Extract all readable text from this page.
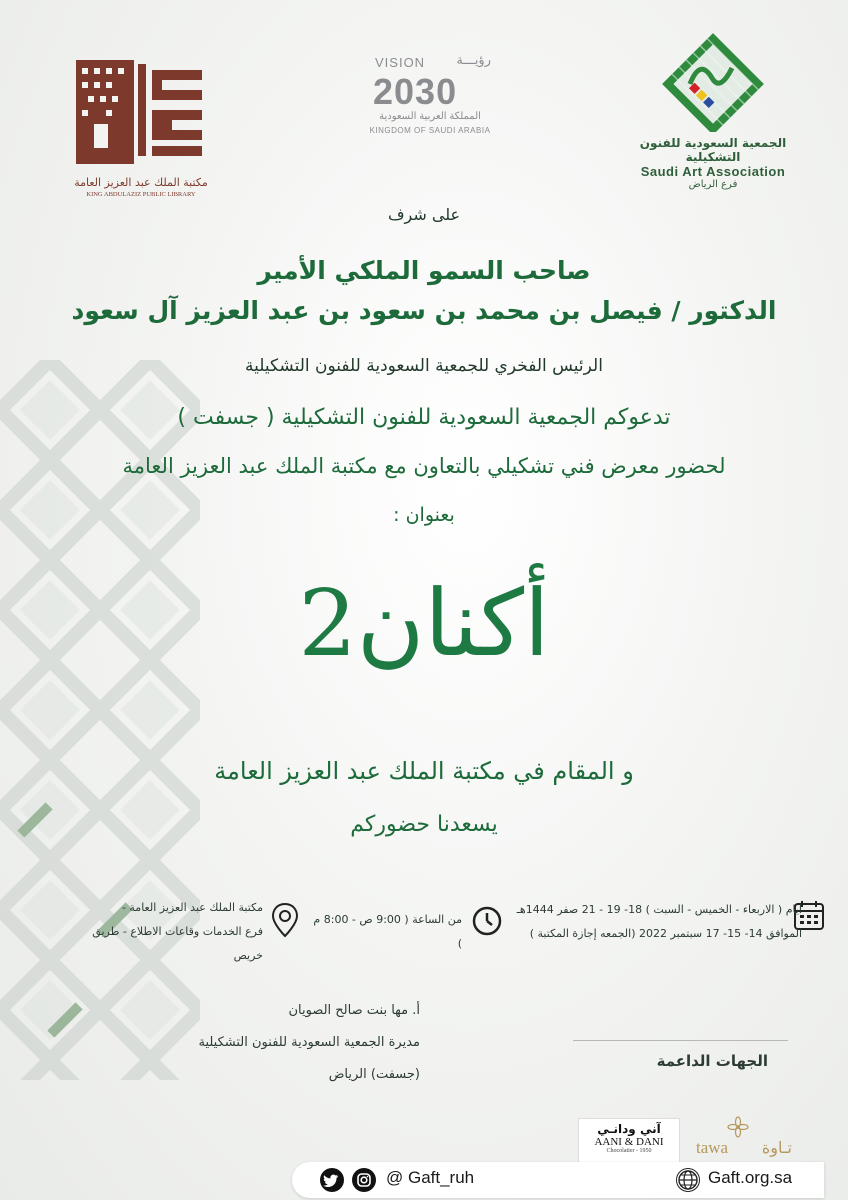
مكتبة الملك عبد العزيز العامة
KING ABDULAZIZ PUBLIC LIBRARY
VISION رؤيـــة
2030
المملكة العربية السعودية
KINGDOM OF SAUDI ARABIA
الجمعية السعودية للفنون التشكيلية
Saudi Art Association
فرع الرياض
على شرف
صاحب السمو الملكي الأمير
الدكتور / فيصل بن محمد بن سعود بن عبد العزيز آل سعود
الرئيس الفخري للجمعية السعودية للفنون التشكيلية
تدعوكم الجمعية السعودية للفنون التشكيلية ( جسفت )
لحضور معرض فني تشكيلي بالتعاون مع مكتبة الملك عبد العزيز العامة
بعنوان :
أكنان2
و المقام في مكتبة الملك عبد العزيز العامة
يسعدنا حضوركم
ايام ( الاربعاء - الخميس - السبت ) 18- 19 - 21 صفر 1444هـ
الموافق 14- 15- 17 سبتمبر 2022 (الجمعه إجازة المكتبة )
من الساعة ( 9:00 ص - 8:00 م )
مكتبة الملك عبد العزيز العامة -
فرع الخدمات وقاعات الاطلاع - طريق خريص
أ. مها بنت صالح الصويان
مديرة الجمعية السعودية للفنون التشكيلية
(جسفت) الرياض
الجهات الداعمة
آني ودانـي
AANI & DANI
Chocolatier - 1950	tawa تـاوة
@ Gaft_ruh	Gaft.org.sa
